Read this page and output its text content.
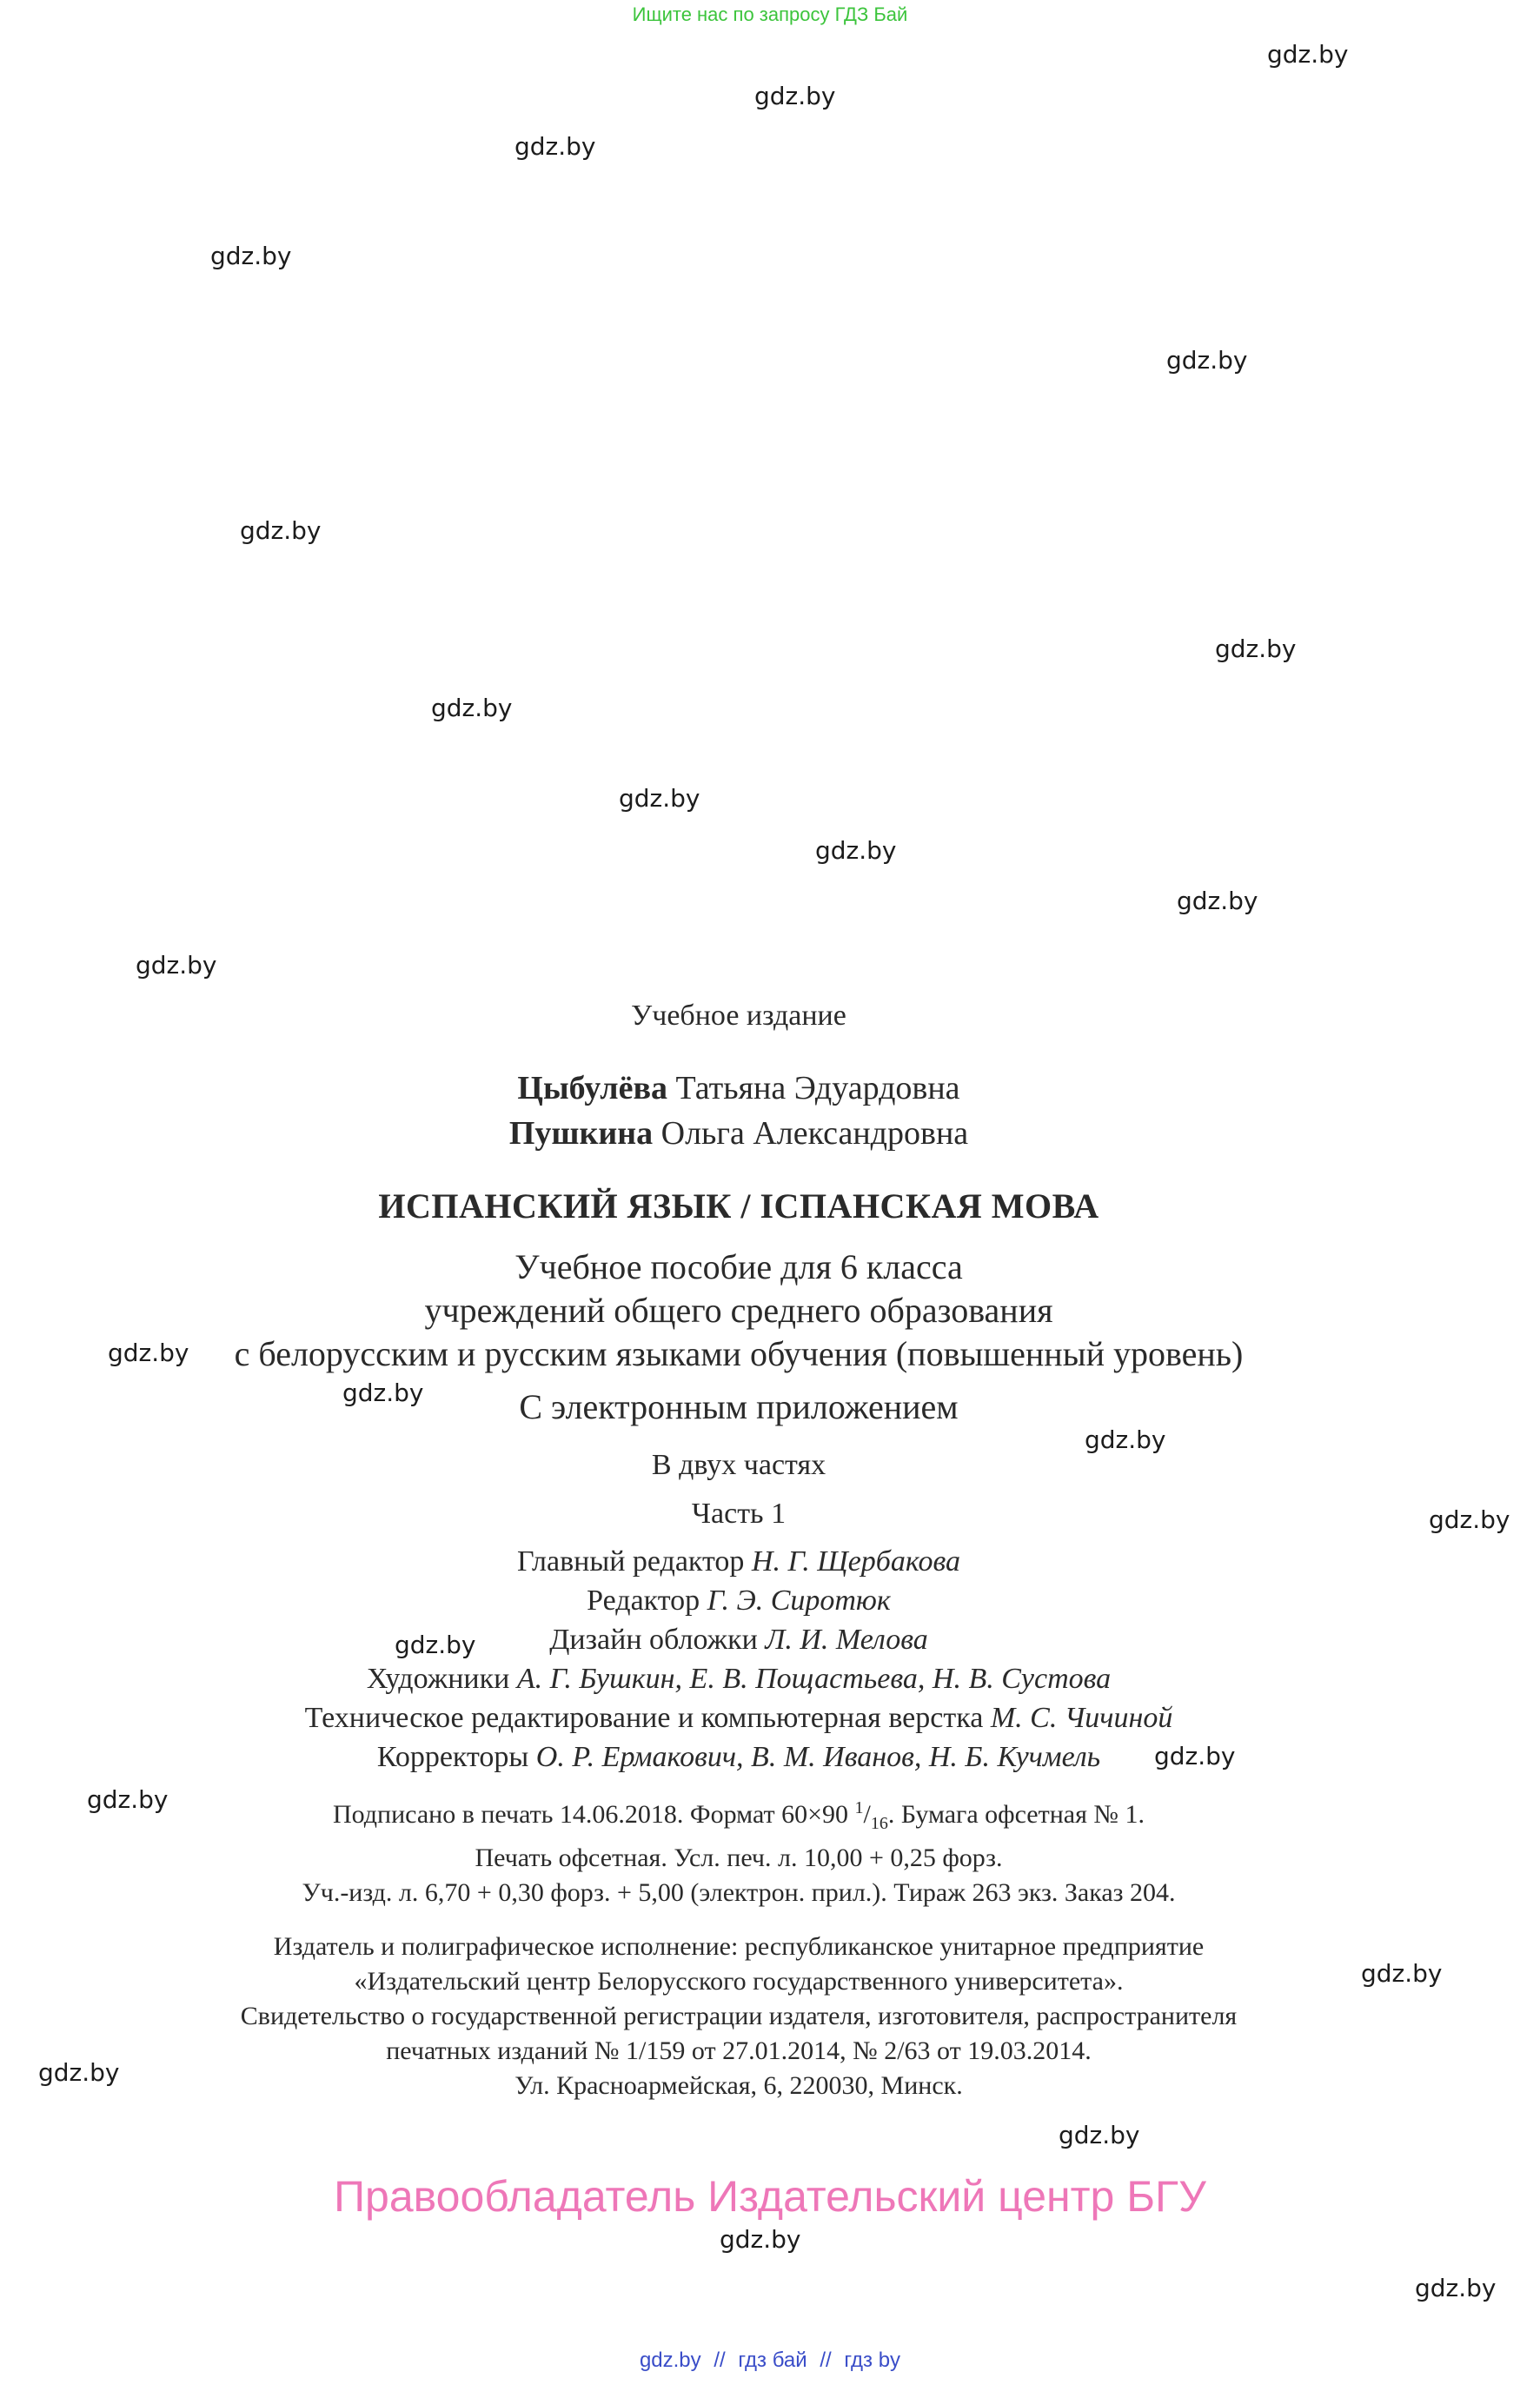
Ищите нас по запросу ГДЗ Бай
gdz.by
gdz.by
gdz.by
gdz.by
gdz.by
gdz.by
gdz.by
gdz.by
gdz.by
gdz.by
gdz.by
gdz.by
gdz.by
gdz.by
gdz.by
gdz.by
gdz.by
gdz.by
gdz.by
gdz.by
gdz.by
gdz.by
gdz.by
gdz.by

Учебное издание

Цыбулёва Татьяна Эдуардовна
Пушкина Ольга Александровна
ИСПАНСКИЙ ЯЗЫК / ІСПАНСКАЯ МОВА
Учебное пособие для 6 класса
учреждений общего среднего образования
с белорусским и русским языками обучения (повышенный уровень)
С электронным приложением
В двух частях
Часть 1
Главный редактор Н. Г. Щербакова
Редактор Г. Э. Сиротюк
Дизайн обложки Л. И. Мелова
Художники А. Г. Бушкин, Е. В. Пощастьева, Н. В. Сустова
Техническое редактирование и компьютерная верстка М. С. Чичиной
Корректоры О. Р. Ермакович, В. М. Иванов, Н. Б. Кучмель
Подписано в печать 14.06.2018. Формат 60×90 $^1/_{16}$. Бумага офсетная № 1.
Печать офсетная. Усл. печ. л. 10,00 + 0,25 форз.
Уч.-изд. л. 6,70 + 0,30 форз. + 5,00 (электрон. прил.). Тираж 263 экз. Заказ 204.
Издатель и полиграфическое исполнение: республиканское унитарное предприятие
«Издательский центр Белорусского государственного университета».
Свидетельство о государственной регистрации издателя, изготовителя, распространителя
печатных изданий № 1/159 от 27.01.2014, № 2/63 от 19.03.2014.
Ул. Красноармейская, 6, 220030, Минск.
Правообладатель Издательский центр БГУ
gdz.by // гдз бай // гдз by
